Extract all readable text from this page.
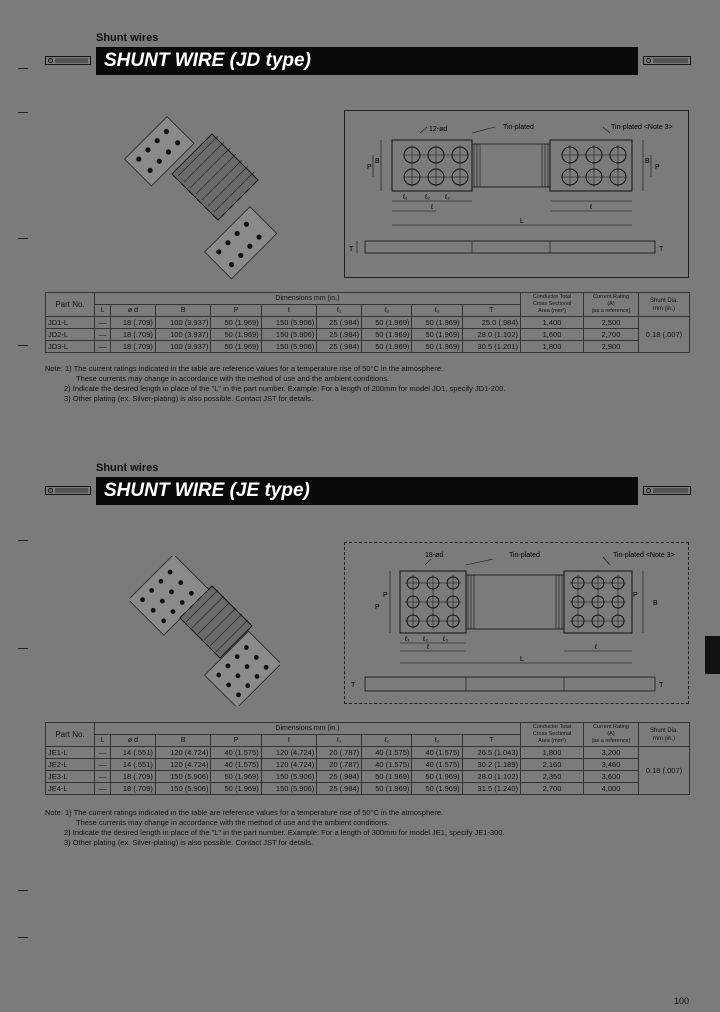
Shunt wires
SHUNT WIRE (JD type)
12-ød	Tin-plated	Tin-plated <Note 3>
P
B
P
B
ℓ₁ ℓ₂ ℓ₂
ℓ	ℓ
L
T	T
Part No.	Dimensions mm (in.)									Conductor Total
Cross Sectional
Area (mm²)	Current Rating
(A)
(as a reference)	Shunt Dia.
mm (in.)
	L	ø d	B	P	ℓ	ℓ₁	ℓ₂	ℓ₃	T			
JD1-L	—	18 (.709)	100 (3.937)	50 (1.969)	150 (5.906)	25 (.984)	50 (1.969)	50 (1.969)	25.0 (.984)	1,400	2,500	0.18 (.007)
JD2-L	—	18 (.709)	100 (3.937)	50 (1.969)	150 (5.906)	25 (.984)	50 (1.969)	50 (1.969)	28.0 (1.102)	1,600	2,700	
JD3-L	—	18 (.709)	100 (3.937)	50 (1.969)	150 (5.906)	25 (.984)	50 (1.969)	50 (1.969)	30.5 (1.201)	1,800	2,900	
Note: 1) The current ratings indicated in the table are reference values for a temperature rise of 50°C in the atmosphere.
These currents may change in accordance with the method of use and the ambient conditions.
2) Indicate the desired length in place of the "L" in the part number. Example: For a length of 200mm for model JD1, specify JD1-200.
3) Other plating (ex. Silver-plating) is also possible. Contact JST for details.
Shunt wires
SHUNT WIRE (JE type)
18-ød	Tin-plated	Tin-plated <Note 3>
P
P	P
B
ℓ₁ ℓ₂ ℓ₃
ℓ	ℓ
L
T	T
Part No.	Dimensions mm (in.)									Conductor Total
Cross Sectional
Area (mm²)	Current Rating
(A)
(as a reference)	Shunt Dia.
mm (in.)
	L	ø d	B	P	ℓ	ℓ₁	ℓ₂	ℓ₃	T			
JE1-L	—	14 (.551)	120 (4.724)	40 (1.575)	120 (4.724)	20 (.787)	40 (1.575)	40 (1.575)	26.5 (1.043)	1,800	3,200	0.18 (.007)
JE2-L	—	14 (.551)	120 (4.724)	40 (1.575)	120 (4.724)	20 (.787)	40 (1.575)	40 (1.575)	30.2 (1.189)	2,160	3,460	
JE3-L	—	18 (.709)	150 (5.906)	50 (1.969)	150 (5.906)	25 (.984)	50 (1.969)	50 (1.969)	28.0 (1.102)	2,350	3,600	
JE4-L	—	18 (.709)	150 (5.906)	50 (1.969)	150 (5.906)	25 (.984)	50 (1.969)	50 (1.969)	31.5 (1.240)	2,700	4,000	
Note: 1) The current ratings indicated in the table are reference values for a temperature rise of 50°C in the atmosphere.
These currents may change in accordance with the method of use and the ambient conditions.
2) Indicate the desired length in place of the "L" in the part number. Example: For a length of 300mm for model JE1, specify JE1-300.
3) Other plating (ex. Silver-plating) is also possible. Contact JST for details.
100
